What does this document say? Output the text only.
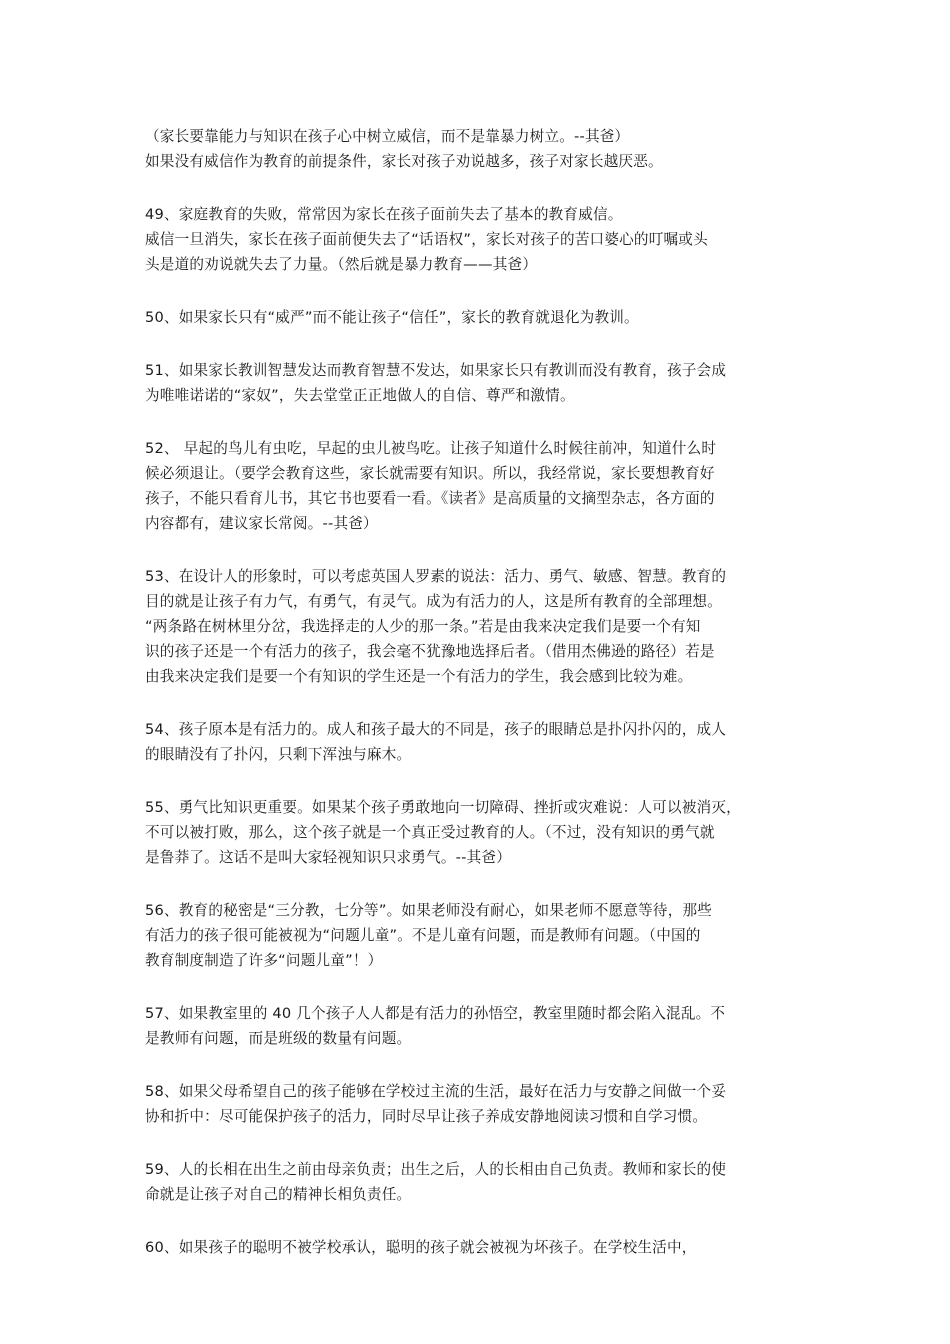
（家长要靠能力与知识在孩子心中树立威信，而不是靠暴力树立。--其爸）
如果没有威信作为教育的前提条件，家长对孩子劝说越多，孩子对家长越厌恶。
49、家庭教育的失败，常常因为家长在孩子面前失去了基本的教育威信。
威信一旦消失，家长在孩子面前便失去了“话语权”，家长对孩子的苦口婆心的叮嘱或头
头是道的劝说就失去了力量。（然后就是暴力教育——其爸）
50、如果家长只有“威严”而不能让孩子“信任”，家长的教育就退化为教训。
51、如果家长教训智慧发达而教育智慧不发达，如果家长只有教训而没有教育，孩子会成
为唯唯诺诺的“家奴”，失去堂堂正正地做人的自信、尊严和激情。
52、 早起的鸟儿有虫吃，早起的虫儿被鸟吃。让孩子知道什么时候往前冲，知道什么时
候必须退让。（要学会教育这些，家长就需要有知识。所以，我经常说，家长要想教育好
孩子，不能只看育儿书，其它书也要看一看。《读者》是高质量的文摘型杂志，各方面的
内容都有，建议家长常阅。--其爸）
53、在设计人的形象时，可以考虑英国人罗素的说法：活力、勇气、敏感、智慧。教育的
目的就是让孩子有力气，有勇气，有灵气。成为有活力的人，这是所有教育的全部理想。
“两条路在树林里分岔，我选择走的人少的那一条。”若是由我来决定我们是要一个有知
识的孩子还是一个有活力的孩子，我会毫不犹豫地选择后者。（借用杰佛逊的路径）若是
由我来决定我们是要一个有知识的学生还是一个有活力的学生，我会感到比较为难。
54、孩子原本是有活力的。成人和孩子最大的不同是，孩子的眼睛总是扑闪扑闪的，成人
的眼睛没有了扑闪，只剩下浑浊与麻木。
55、勇气比知识更重要。如果某个孩子勇敢地向一切障碍、挫折或灾难说：人可以被消灭，
不可以被打败，那么，这个孩子就是一个真正受过教育的人。（不过，没有知识的勇气就
是鲁莽了。这话不是叫大家轻视知识只求勇气。--其爸）
56、教育的秘密是“三分教，七分等”。如果老师没有耐心，如果老师不愿意等待，那些
有活力的孩子很可能被视为“问题儿童”。不是儿童有问题，而是教师有问题。（中国的
教育制度制造了许多“问题儿童”！）
57、如果教室里的 40 几个孩子人人都是有活力的孙悟空，教室里随时都会陷入混乱。不
是教师有问题，而是班级的数量有问题。
58、如果父母希望自己的孩子能够在学校过主流的生活，最好在活力与安静之间做一个妥
协和折中：尽可能保护孩子的活力，同时尽早让孩子养成安静地阅读习惯和自学习惯。
59、人的长相在出生之前由母亲负责；出生之后，人的长相由自己负责。教师和家长的使
命就是让孩子对自己的精神长相负责任。
60、如果孩子的聪明不被学校承认，聪明的孩子就会被视为坏孩子。在学校生活中，
